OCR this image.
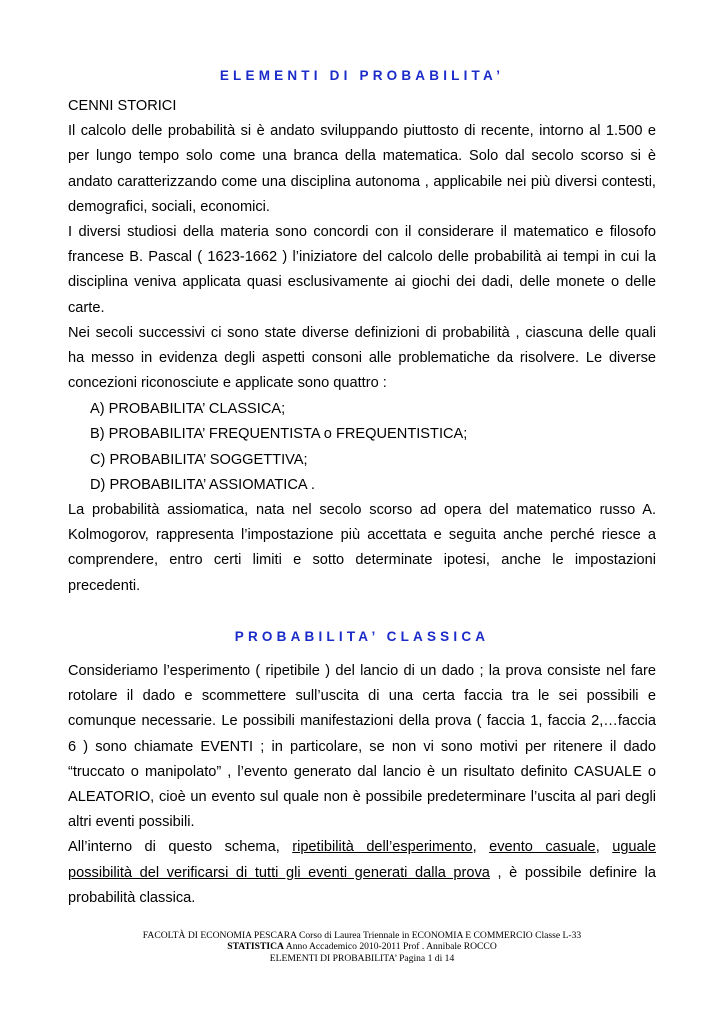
ELEMENTI DI PROBABILITA’
CENNI STORICI
Il calcolo delle probabilità si è andato sviluppando piuttosto di recente, intorno al 1.500 e
per lungo tempo solo come una branca della matematica. Solo dal secolo scorso si è
andato caratterizzando come una disciplina autonoma , applicabile nei più diversi contesti,
demografici, sociali, economici.
I diversi studiosi della materia sono concordi con il considerare il matematico e filosofo
francese B. Pascal ( 1623-1662 ) l’iniziatore del calcolo delle probabilità ai tempi in cui la
disciplina veniva applicata quasi esclusivamente ai giochi dei dadi, delle monete o delle
carte.
Nei secoli successivi ci sono state diverse definizioni di probabilità , ciascuna delle quali
ha messo in evidenza degli aspetti consoni alle problematiche da risolvere. Le diverse
concezioni riconosciute e applicate sono quattro :
A) PROBABILITA’ CLASSICA;
B) PROBABILITA’ FREQUENTISTA o FREQUENTISTICA;
C) PROBABILITA’ SOGGETTIVA;
D) PROBABILITA’ ASSIOMATICA .
La probabilità assiomatica, nata nel secolo scorso ad opera del matematico russo A.
Kolmogorov, rappresenta l’impostazione più accettata e seguita anche perché riesce a
comprendere, entro certi limiti e sotto determinate ipotesi, anche le impostazioni
precedenti.
PROBABILITA’ CLASSICA
Consideriamo l’esperimento ( ripetibile ) del lancio di un dado ; la prova consiste nel fare
rotolare il dado e scommettere sull’uscita di una certa faccia tra le sei possibili e
comunque necessarie. Le possibili manifestazioni della prova ( faccia 1, faccia 2,…faccia
6 ) sono chiamate EVENTI ; in particolare, se non vi sono motivi per ritenere il dado
“truccato o manipolato” , l’evento generato dal lancio è un risultato definito CASUALE o
ALEATORIO, cioè un evento sul quale non è possibile predeterminare l’uscita al pari degli
altri eventi possibili.
All’interno di questo schema, ripetibilità dell’esperimento, evento casuale, uguale
possibilità del verificarsi di tutti gli eventi generati dalla prova , è possibile definire la
probabilità classica.
FACOLTÀ DI ECONOMIA PESCARA Corso di Laurea Triennale in ECONOMIA E COMMERCIO Classe L-33
STATISTICA Anno Accademico 2010-2011 Prof . Annibale ROCCO
ELEMENTI DI PROBABILITA’ Pagina 1 di 14
